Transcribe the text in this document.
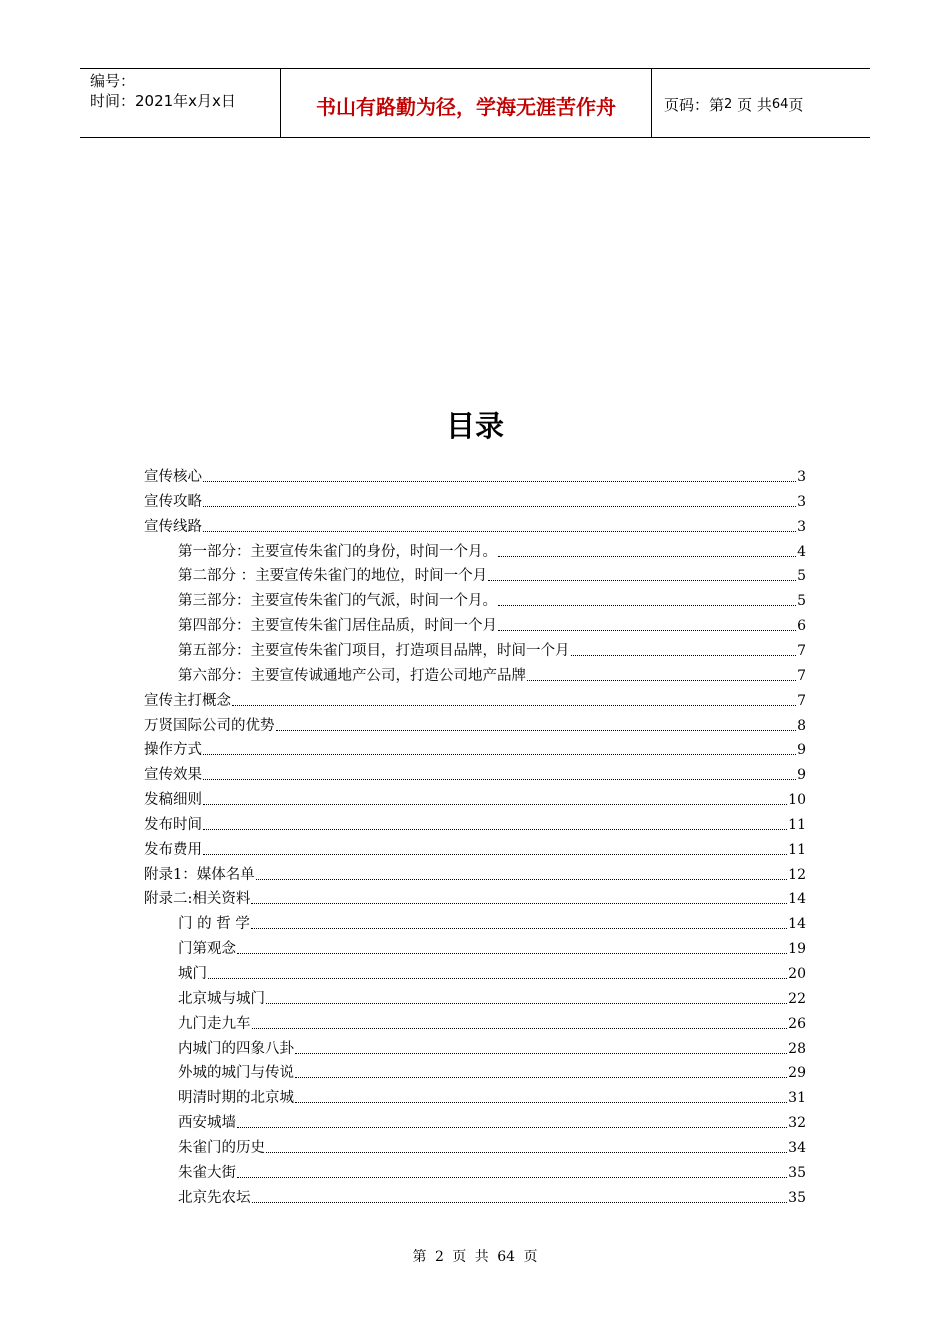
编号：
时间：2021年x月x日	书山有路勤为径，学海无涯苦作舟	页码：第 2
页 共 64 页
目录
宣传核心	3
宣传攻略	3
宣传线路	3
第一部分：主要宣传朱雀门的身份，时间一个月。	4
第二部分 ：主要宣传朱雀门的地位，时间一个月	5
第三部分：主要宣传朱雀门的气派，时间一个月。	5
第四部分：主要宣传朱雀门居住品质，时间一个月	6
第五部分：主要宣传朱雀门项目，打造项目品牌，时间一个月	7
第六部分：主要宣传诚通地产公司，打造公司地产品牌	7
宣传主打概念	7
万贤国际公司的优势	8
操作方式	9
宣传效果	9
发稿细则	10
发布时间	11
发布费用	11
附录1：媒体名单	12
附录二:相关资料	14
门 的 哲 学	14
门第观念	19
城门	20
北京城与城门	22
九门走九车	26
内城门的四象八卦	28
外城的城门与传说	29
明清时期的北京城	31
西安城墙	32
朱雀门的历史	34
朱雀大街	35
北京先农坛	35
第 2 页 共 64 页
